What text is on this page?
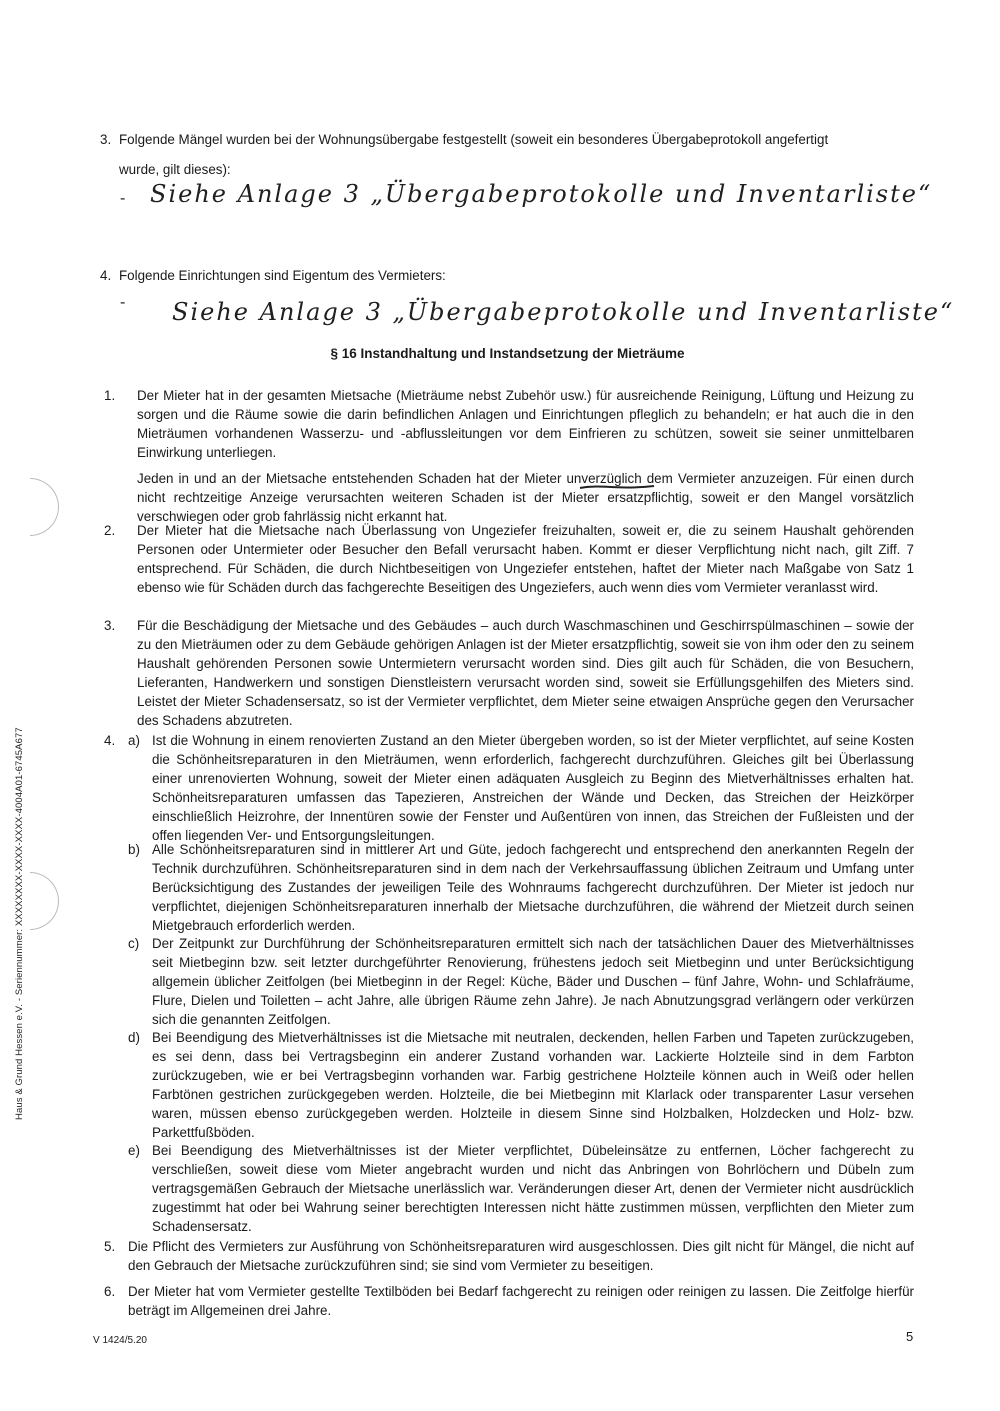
Haus & Grund Hessen e.V. - Seriennummer: XXXXXXXX-XXXX-XXXX-4004A01-6745A677
3. Folgende Mängel wurden bei der Wohnungsübergabe festgestellt (soweit ein besonderes Übergabeprotokoll angefertigt
wurde, gilt dieses):
- Siehe Anlage 3 „Übergabeprotokolle und Inventarliste“
4. Folgende Einrichtungen sind Eigentum des Vermieters:
- Siehe Anlage 3 „Übergabeprotokolle und Inventarliste“
§ 16 Instandhaltung und Instandsetzung der Mieträume
1. Der Mieter hat in der gesamten Mietsache (Mieträume nebst Zubehör usw.) für ausreichende Reinigung, Lüftung und Heizung zu sorgen und die Räume sowie die darin befindlichen Anlagen und Einrichtungen pfleglich zu behandeln; er hat auch die in den Mieträumen vorhandenen Wasserzu- und -abflussleitungen vor dem Einfrieren zu schützen, soweit sie seiner unmittelbaren Einwirkung unterliegen.

Jeden in und an der Mietsache entstehenden Schaden hat der Mieter unverzüglich dem Vermieter anzuzeigen. Für einen durch nicht rechtzeitige Anzeige verursachten weiteren Schaden ist der Mieter ersatzpflichtig, soweit er den Mangel vorsätzlich verschwiegen oder grob fahrlässig nicht erkannt hat.

2. Der Mieter hat die Mietsache nach Überlassung von Ungeziefer freizuhalten, soweit er, die zu seinem Haushalt gehörenden Personen oder Untermieter oder Besucher den Befall verursacht haben. Kommt er dieser Verpflichtung nicht nach, gilt Ziff. 7 entsprechend. Für Schäden, die durch Nichtbeseitigen von Ungeziefer entstehen, haftet der Mieter nach Maßgabe von Satz 1 ebenso wie für Schäden durch das fachgerechte Beseitigen des Ungeziefers, auch wenn dies vom Vermieter veranlasst wird.

3. Für die Beschädigung der Mietsache und des Gebäudes – auch durch Waschmaschinen und Geschirrspülmaschinen – sowie der zu den Mieträumen oder zu dem Gebäude gehörigen Anlagen ist der Mieter ersatzpflichtig, soweit sie von ihm oder den zu seinem Haushalt gehörenden Personen sowie Untermietern verursacht worden sind. Dies gilt auch für Schäden, die von Besuchern, Lieferanten, Handwerkern und sonstigen Dienstleistern verursacht worden sind, soweit sie Erfüllungsgehilfen des Mieters sind. Leistet der Mieter Schadensersatz, so ist der Vermieter verpflichtet, dem Mieter seine etwaigen Ansprüche gegen den Verursacher des Schadens abzutreten.

4. a) Ist die Wohnung in einem renovierten Zustand an den Mieter übergeben worden, so ist der Mieter verpflichtet, auf seine Kosten die Schönheitsreparaturen in den Mieträumen, wenn erforderlich, fachgerecht durchzuführen. Gleiches gilt bei Überlassung einer unrenovierten Wohnung, soweit der Mieter einen adäquaten Ausgleich zu Beginn des Mietverhältnisses erhalten hat. Schönheitsreparaturen umfassen das Tapezieren, Anstreichen der Wände und Decken, das Streichen der Heizkörper einschließlich Heizrohre, der Innentüren sowie der Fenster und Außentüren von innen, das Streichen der Fußleisten und der offen liegenden Ver- und Entsorgungsleitungen.

b) Alle Schönheitsreparaturen sind in mittlerer Art und Güte, jedoch fachgerecht und entsprechend den anerkannten Regeln der Technik durchzuführen. Schönheitsreparaturen sind in dem nach der Verkehrsauffassung üblichen Zeitraum und Umfang unter Berücksichtigung des Zustandes der jeweiligen Teile des Wohnraums fachgerecht durchzuführen. Der Mieter ist jedoch nur verpflichtet, diejenigen Schönheitsreparaturen innerhalb der Mietsache durchzuführen, die während der Mietzeit durch seinen Mietgebrauch erforderlich werden.

c) Der Zeitpunkt zur Durchführung der Schönheitsreparaturen ermittelt sich nach der tatsächlichen Dauer des Mietverhältnisses seit Mietbeginn bzw. seit letzter durchgeführter Renovierung, frühestens jedoch seit Mietbeginn und unter Berücksichtigung allgemein üblicher Zeitfolgen (bei Mietbeginn in der Regel: Küche, Bäder und Duschen – fünf Jahre, Wohn- und Schlafräume, Flure, Dielen und Toiletten – acht Jahre, alle übrigen Räume zehn Jahre). Je nach Abnutzungsgrad verlängern oder verkürzen sich die genannten Zeitfolgen.

d) Bei Beendigung des Mietverhältnisses ist die Mietsache mit neutralen, deckenden, hellen Farben und Tapeten zurückzugeben, es sei denn, dass bei Vertragsbeginn ein anderer Zustand vorhanden war. Lackierte Holzteile sind in dem Farbton zurückzugeben, wie er bei Vertragsbeginn vorhanden war. Farbig gestrichene Holzteile können auch in Weiß oder hellen Farbtönen gestrichen zurückgegeben werden. Holzteile, die bei Mietbeginn mit Klarlack oder transparenter Lasur versehen waren, müssen ebenso zurückgegeben werden. Holzteile in diesem Sinne sind Holzbalken, Holzdecken und Holz- bzw. Parkettfußböden.

e) Bei Beendigung des Mietverhältnisses ist der Mieter verpflichtet, Dübeleinsätze zu entfernen, Löcher fachgerecht zu verschließen, soweit diese vom Mieter angebracht wurden und nicht das Anbringen von Bohrlöchern und Dübeln zum vertragsgemäßen Gebrauch der Mietsache unerlässlich war. Veränderungen dieser Art, denen der Vermieter nicht ausdrücklich zugestimmt hat oder bei Wahrung seiner berechtigten Interessen nicht hätte zustimmen müssen, verpflichten den Mieter zum Schadensersatz.

5. Die Pflicht des Vermieters zur Ausführung von Schönheitsreparaturen wird ausgeschlossen. Dies gilt nicht für Mängel, die nicht auf den Gebrauch der Mietsache zurückzuführen sind; sie sind vom Vermieter zu beseitigen.

6. Der Mieter hat vom Vermieter gestellte Textilböden bei Bedarf fachgerecht zu reinigen oder reinigen zu lassen. Die Zeitfolge hierfür beträgt im Allgemeinen drei Jahre.

V 1424/5.20	5
